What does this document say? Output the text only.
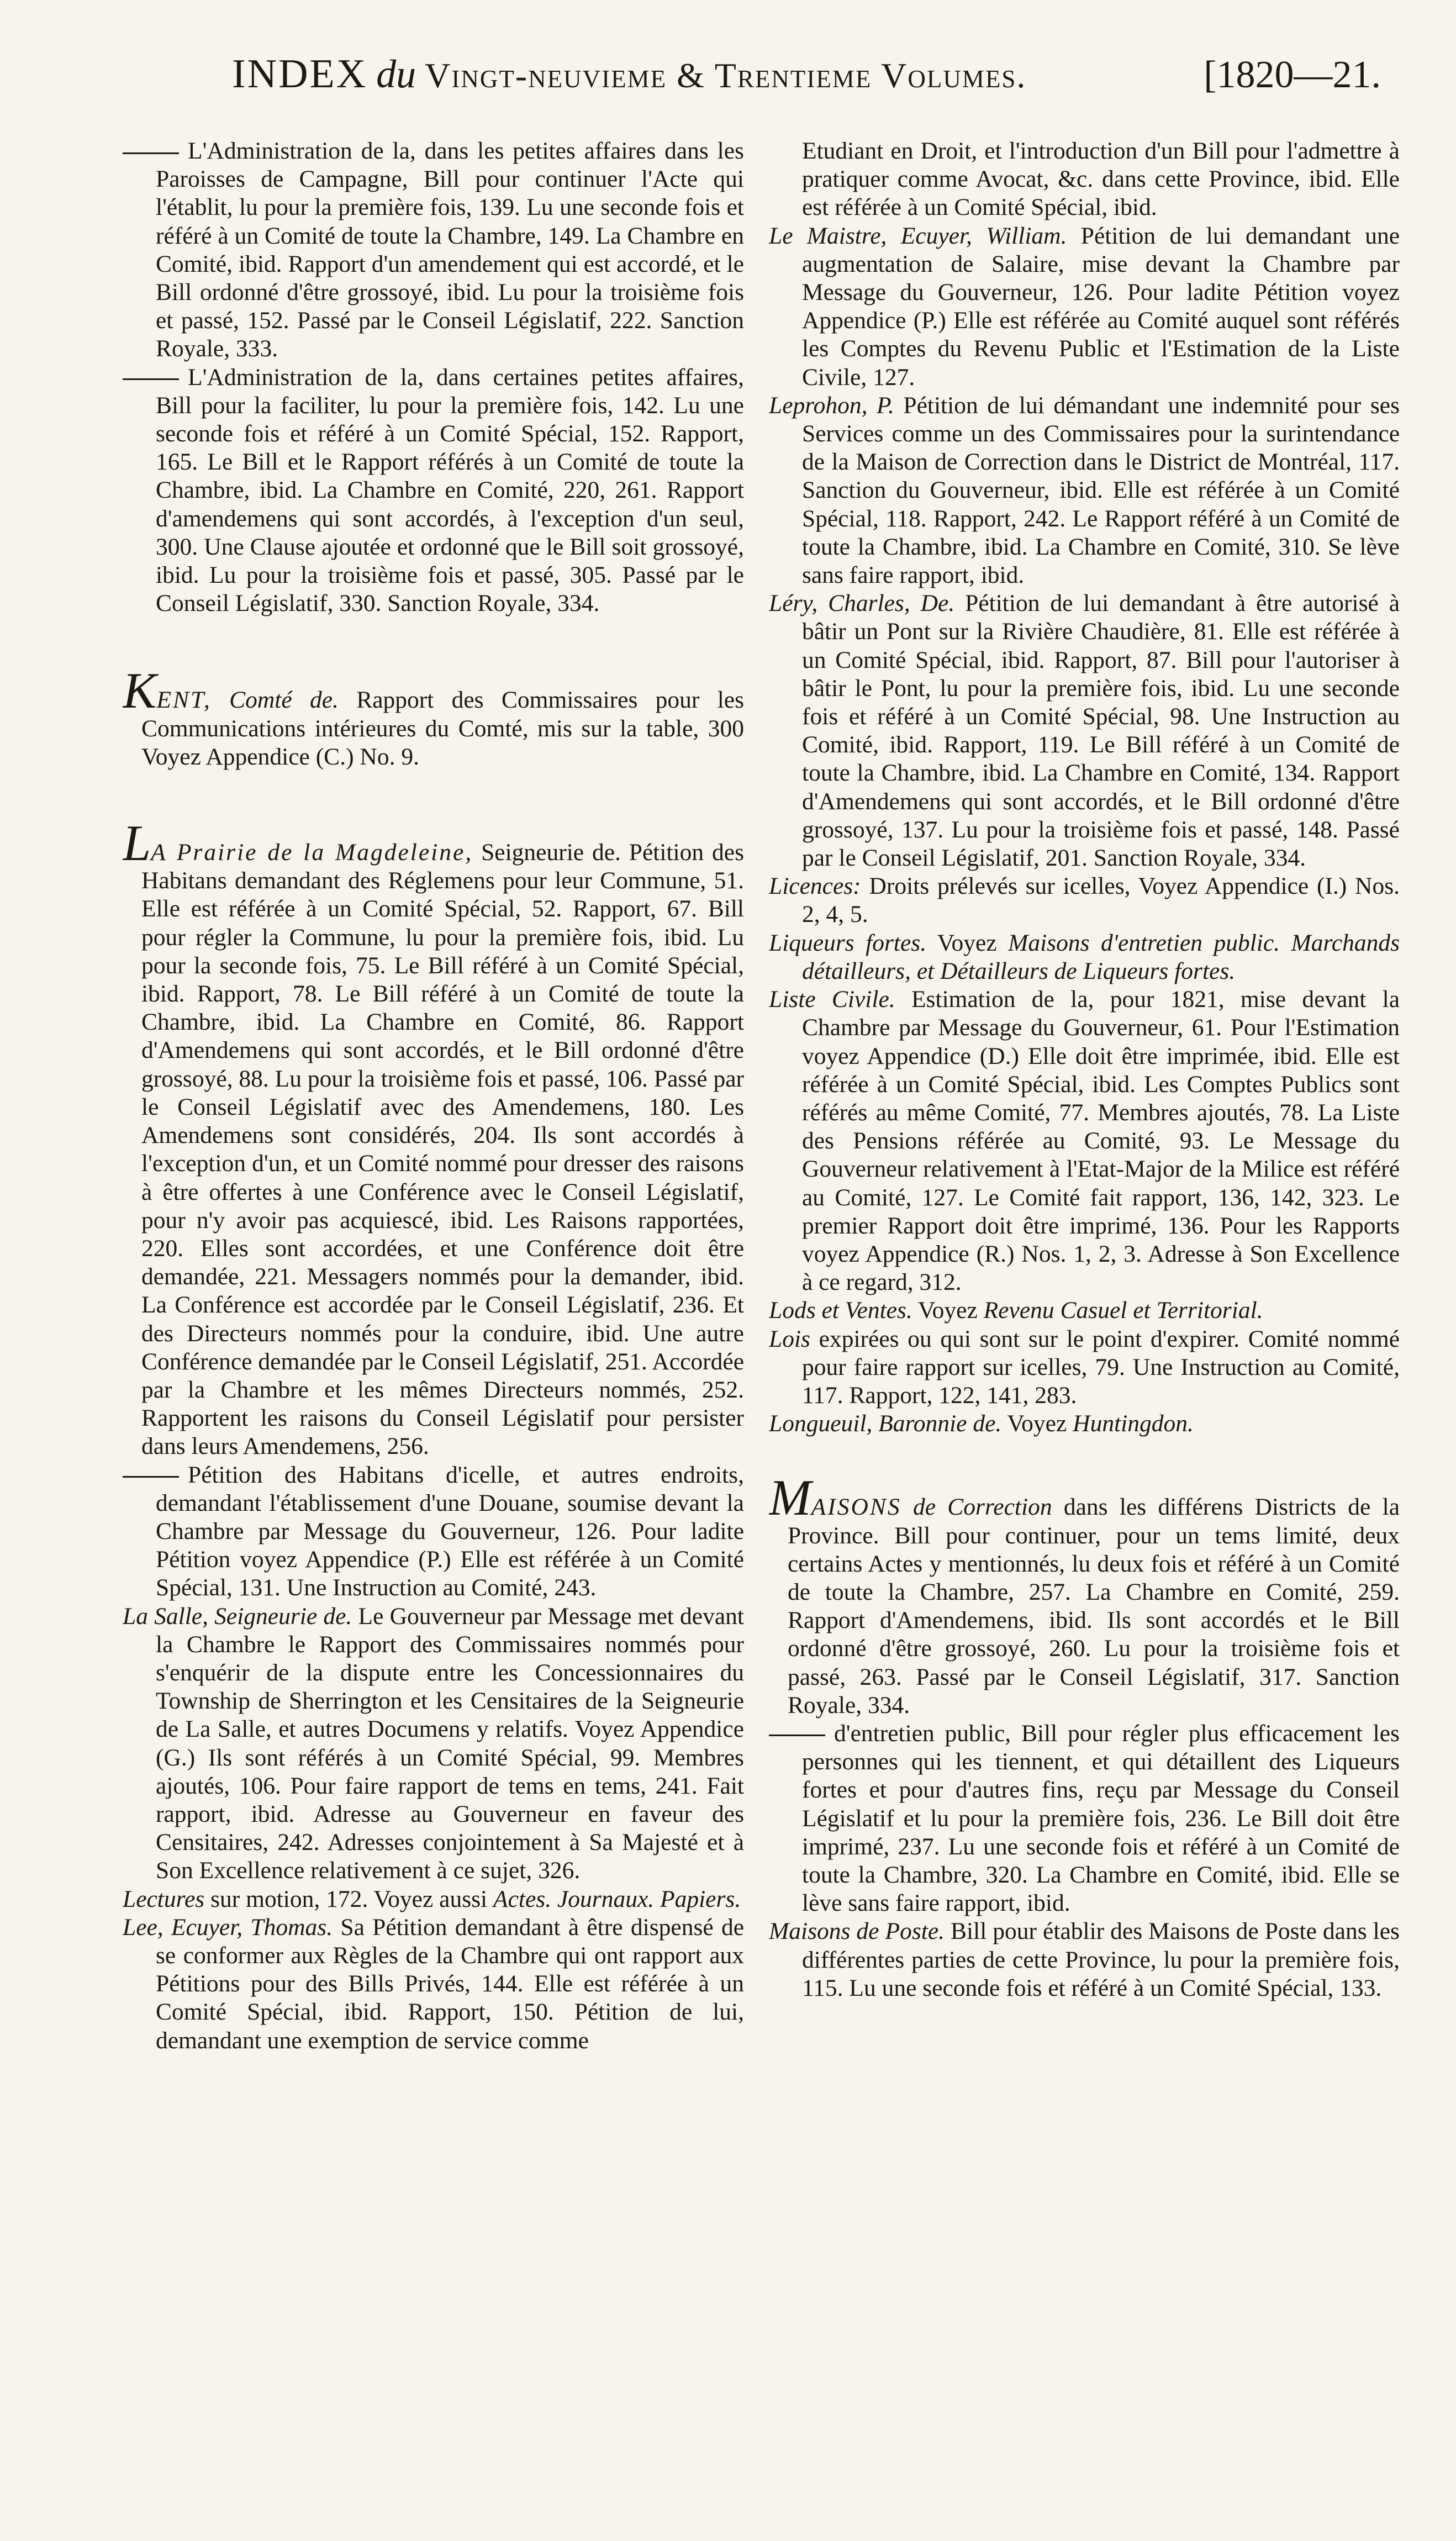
INDEX du Vingt-neuvieme & Trentieme Volumes.	[1820—21.

L'Administration de la, dans les petites affaires dans les Paroisses de Campagne, Bill pour continuer l'Acte qui l'établit, lu pour la première fois, 139. Lu une seconde fois et référé à un Comité de toute la Chambre, 149. La Chambre en Comité, ibid. Rapport d'un amendement qui est accordé, et le Bill ordonné d'être grossoyé, ibid. Lu pour la troisième fois et passé, 152. Passé par le Conseil Législatif, 222. Sanction Royale, 333.

L'Administration de la, dans certaines petites affaires, Bill pour la faciliter, lu pour la première fois, 142. Lu une seconde fois et référé à un Comité Spécial, 152. Rapport, 165. Le Bill et le Rapport référés à un Comité de toute la Chambre, ibid. La Chambre en Comité, 220, 261. Rapport d'amendemens qui sont accordés, à l'exception d'un seul, 300. Une Clause ajoutée et ordonné que le Bill soit grossoyé, ibid. Lu pour la troisième fois et passé, 305. Passé par le Conseil Législatif, 330. Sanction Royale, 334.

KENT, Comté de. Rapport des Commissaires pour les Communications intérieures du Comté, mis sur la table, 300 Voyez Appendice (C.) No. 9.

LA Prairie de la Magdeleine, Seigneurie de. Pétition des Habitans demandant des Réglemens pour leur Commune, 51. Elle est référée à un Comité Spécial, 52. Rapport, 67. Bill pour régler la Commune, lu pour la première fois, ibid. Lu pour la seconde fois, 75. Le Bill référé à un Comité Spécial, ibid. Rapport, 78. Le Bill référé à un Comité de toute la Chambre, ibid. La Chambre en Comité, 86. Rapport d'Amendemens qui sont accordés, et le Bill ordonné d'être grossoyé, 88. Lu pour la troisième fois et passé, 106. Passé par le Conseil Législatif avec des Amendemens, 180. Les Amendemens sont considérés, 204. Ils sont accordés à l'exception d'un, et un Comité nommé pour dresser des raisons à être offertes à une Conférence avec le Conseil Législatif, pour n'y avoir pas acquiescé, ibid. Les Raisons rapportées, 220. Elles sont accordées, et une Conférence doit être demandée, 221. Messagers nommés pour la demander, ibid. La Conférence est accordée par le Conseil Législatif, 236. Et des Directeurs nommés pour la conduire, ibid. Une autre Conférence demandée par le Conseil Législatif, 251. Accordée par la Chambre et les mêmes Directeurs nommés, 252. Rapportent les raisons du Conseil Législatif pour persister dans leurs Amendemens, 256.

Pétition des Habitans d'icelle, et autres endroits, demandant l'établissement d'une Douane, soumise devant la Chambre par Message du Gouverneur, 126. Pour ladite Pétition voyez Appendice (P.) Elle est référée à un Comité Spécial, 131. Une Instruction au Comité, 243.

La Salle, Seigneurie de. Le Gouverneur par Message met devant la Chambre le Rapport des Commissaires nommés pour s'enquérir de la dispute entre les Concessionnaires du Township de Sherrington et les Censitaires de la Seigneurie de La Salle, et autres Documens y relatifs. Voyez Appendice (G.) Ils sont référés à un Comité Spécial, 99. Membres ajoutés, 106. Pour faire rapport de tems en tems, 241. Fait rapport, ibid. Adresse au Gouverneur en faveur des Censitaires, 242. Adresses conjointement à Sa Majesté et à Son Excellence relativement à ce sujet, 326.

Lectures sur motion, 172. Voyez aussi Actes. Journaux. Papiers.

Lee, Ecuyer, Thomas. Sa Pétition demandant à être dispensé de se conformer aux Règles de la Chambre qui ont rapport aux Pétitions pour des Bills Privés, 144. Elle est référée à un Comité Spécial, ibid. Rapport, 150. Pétition de lui, demandant une exemption de service comme

Etudiant en Droit, et l'introduction d'un Bill pour l'admettre à pratiquer comme Avocat, &c. dans cette Province, ibid. Elle est référée à un Comité Spécial, ibid.

Le Maistre, Ecuyer, William. Pétition de lui demandant une augmentation de Salaire, mise devant la Chambre par Message du Gouverneur, 126. Pour ladite Pétition voyez Appendice (P.) Elle est référée au Comité auquel sont référés les Comptes du Revenu Public et l'Estimation de la Liste Civile, 127.

Leprohon, P. Pétition de lui démandant une indemnité pour ses Services comme un des Commissaires pour la surintendance de la Maison de Correction dans le District de Montréal, 117. Sanction du Gouverneur, ibid. Elle est référée à un Comité Spécial, 118. Rapport, 242. Le Rapport référé à un Comité de toute la Chambre, ibid. La Chambre en Comité, 310. Se lève sans faire rapport, ibid.

Léry, Charles, De. Pétition de lui demandant à être autorisé à bâtir un Pont sur la Rivière Chaudière, 81. Elle est référée à un Comité Spécial, ibid. Rapport, 87. Bill pour l'autoriser à bâtir le Pont, lu pour la première fois, ibid. Lu une seconde fois et référé à un Comité Spécial, 98. Une Instruction au Comité, ibid. Rapport, 119. Le Bill référé à un Comité de toute la Chambre, ibid. La Chambre en Comité, 134. Rapport d'Amendemens qui sont accordés, et le Bill ordonné d'être grossoyé, 137. Lu pour la troisième fois et passé, 148. Passé par le Conseil Législatif, 201. Sanction Royale, 334.

Licences: Droits prélevés sur icelles, Voyez Appendice (I.) Nos. 2, 4, 5.

Liqueurs fortes. Voyez Maisons d'entretien public. Marchands détailleurs, et Détailleurs de Liqueurs fortes.

Liste Civile. Estimation de la, pour 1821, mise devant la Chambre par Message du Gouverneur, 61. Pour l'Estimation voyez Appendice (D.) Elle doit être imprimée, ibid. Elle est référée à un Comité Spécial, ibid. Les Comptes Publics sont référés au même Comité, 77. Membres ajoutés, 78. La Liste des Pensions référée au Comité, 93. Le Message du Gouverneur relativement à l'Etat-Major de la Milice est référé au Comité, 127. Le Comité fait rapport, 136, 142, 323. Le premier Rapport doit être imprimé, 136. Pour les Rapports voyez Appendice (R.) Nos. 1, 2, 3. Adresse à Son Excellence à ce regard, 312.

Lods et Ventes. Voyez Revenu Casuel et Territorial.

Lois expirées ou qui sont sur le point d'expirer. Comité nommé pour faire rapport sur icelles, 79. Une Instruction au Comité, 117. Rapport, 122, 141, 283.

Longueuil, Baronnie de. Voyez Huntingdon.

MAISONS de Correction dans les différens Districts de la Province. Bill pour continuer, pour un tems limité, deux certains Actes y mentionnés, lu deux fois et référé à un Comité de toute la Chambre, 257. La Chambre en Comité, 259. Rapport d'Amendemens, ibid. Ils sont accordés et le Bill ordonné d'être grossoyé, 260. Lu pour la troisième fois et passé, 263. Passé par le Conseil Législatif, 317. Sanction Royale, 334.

d'entretien public, Bill pour régler plus efficacement les personnes qui les tiennent, et qui détaillent des Liqueurs fortes et pour d'autres fins, reçu par Message du Conseil Législatif et lu pour la première fois, 236. Le Bill doit être imprimé, 237. Lu une seconde fois et référé à un Comité de toute la Chambre, 320. La Chambre en Comité, ibid. Elle se lève sans faire rapport, ibid.

Maisons de Poste. Bill pour établir des Maisons de Poste dans les différentes parties de cette Province, lu pour la première fois, 115. Lu une seconde fois et référé à un Comité Spécial, 133.
